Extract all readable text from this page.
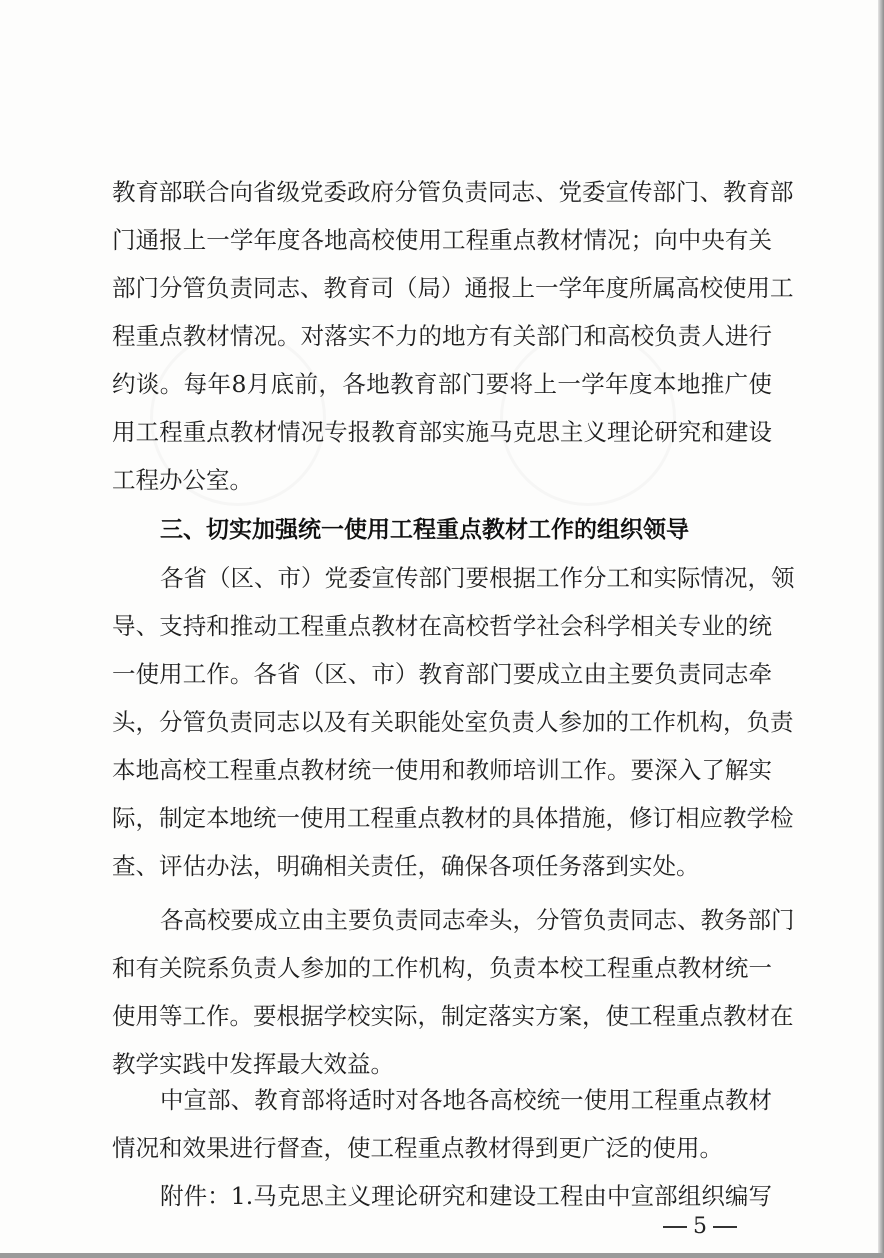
教育部联合向省级党委政府分管负责同志、党委宣传部门、教育部

门通报上一学年度各地高校使用工程重点教材情况；向中央有关

部门分管负责同志、教育司（局）通报上一学年度所属高校使用工

程重点教材情况。对落实不力的地方有关部门和高校负责人进行

约谈。每年8月底前，各地教育部门要将上一学年度本地推广使

用工程重点教材情况专报教育部实施马克思主义理论研究和建设

工程办公室。

三、切实加强统一使用工程重点教材工作的组织领导

各省（区、市）党委宣传部门要根据工作分工和实际情况，领

导、支持和推动工程重点教材在高校哲学社会科学相关专业的统

一使用工作。各省（区、市）教育部门要成立由主要负责同志牵

头，分管负责同志以及有关职能处室负责人参加的工作机构，负责

本地高校工程重点教材统一使用和教师培训工作。要深入了解实

际，制定本地统一使用工程重点教材的具体措施，修订相应教学检

查、评估办法，明确相关责任，确保各项任务落到实处。

各高校要成立由主要负责同志牵头，分管负责同志、教务部门

和有关院系负责人参加的工作机构，负责本校工程重点教材统一

使用等工作。要根据学校实际，制定落实方案，使工程重点教材在

教学实践中发挥最大效益。

中宣部、教育部将适时对各地各高校统一使用工程重点教材

情况和效果进行督查，使工程重点教材得到更广泛的使用。

附件：1.马克思主义理论研究和建设工程由中宣部组织编写

5
